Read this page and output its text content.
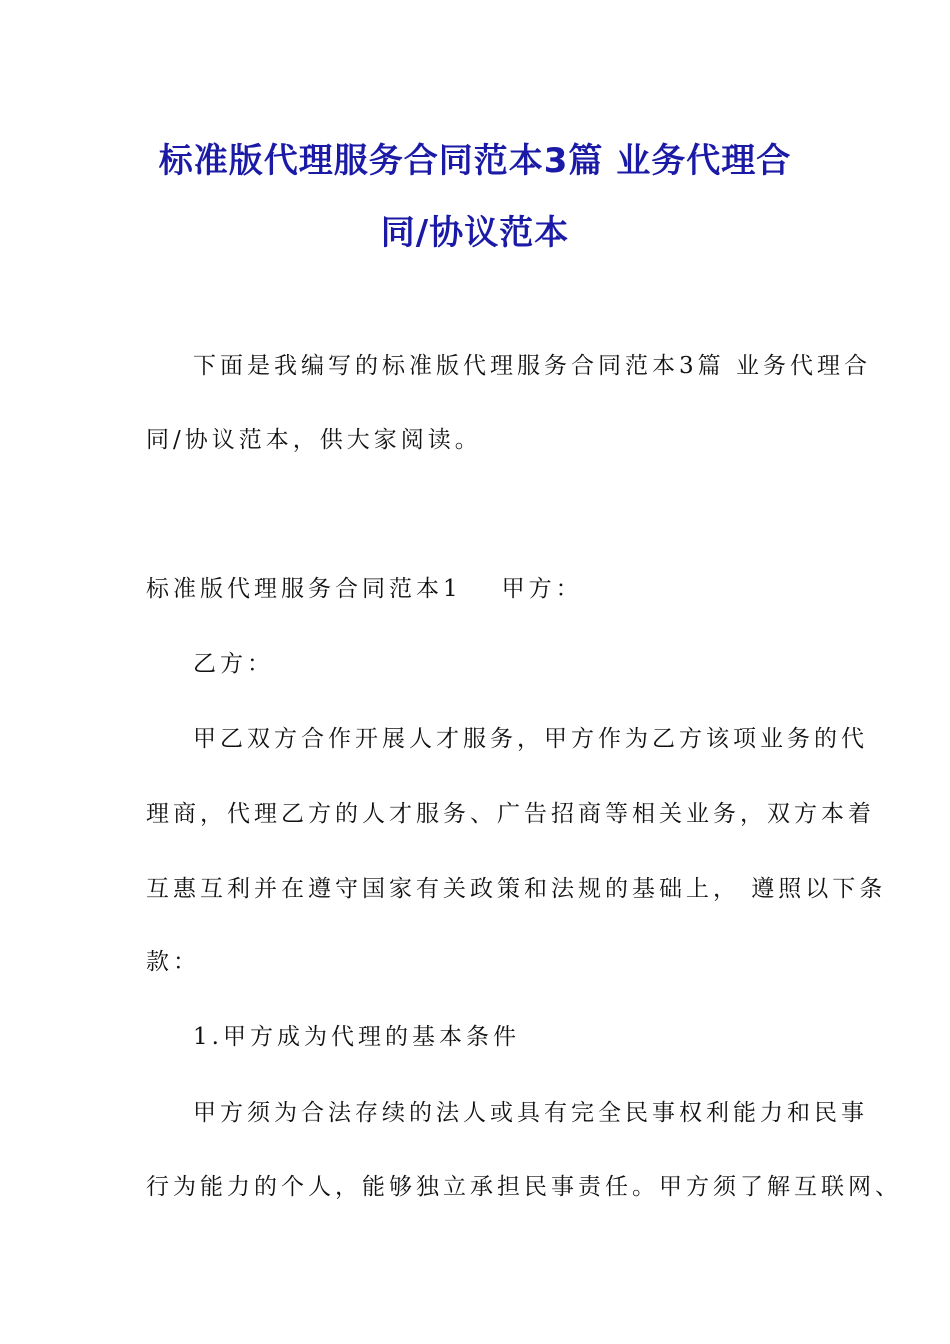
标准版代理服务合同范本3篇 业务代理合
同/协议范本
下面是我编写的标准版代理服务合同范本3篇 业务代理合
同/协议范本，供大家阅读。
标准版代理服务合同范本1 甲方：
乙方：
甲乙双方合作开展人才服务，甲方作为乙方该项业务的代
理商，代理乙方的人才服务、广告招商等相关业务，双方本着
互惠互利并在遵守国家有关政策和法规的基础上， 遵照以下条
款：
1.甲方成为代理的基本条件
甲方须为合法存续的法人或具有完全民事权利能力和民事
行为能力的个人，能够独立承担民事责任。甲方须了解互联网、
